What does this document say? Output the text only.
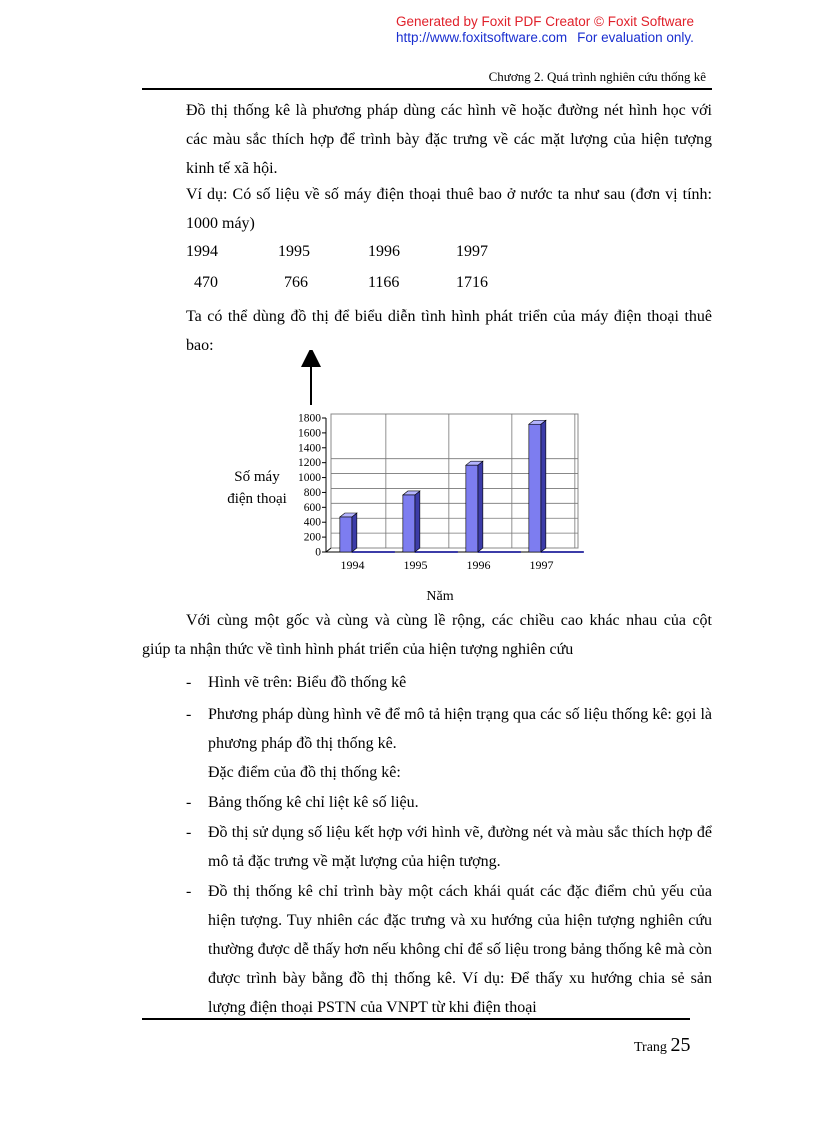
Generated by Foxit PDF Creator © Foxit Software
http://www.foxitsoftware.com For evaluation only.
Chương 2. Quá trình nghiên cứu thống kê
Đồ thị thống kê là phương pháp dùng các hình vẽ hoặc đường nét hình học với các màu sắc thích hợp để trình bày đặc trưng về các mặt lượng của hiện tượng kinh tế xã hội.
Ví dụ: Có số liệu về số máy điện thoại thuê bao ở nước ta như sau (đơn vị tính: 1000 máy)
1994	1995	1996	1997
470	766	1166	1716
Ta có thể dùng đồ thị để biểu diễn tình hình phát triển của máy điện thoại thuê bao:
0
200
400
600
800
1000
1200
1400
1600
1800
1994	1995	1996	1997
Số máy
điện thoại
Năm
Với cùng một gốc và cùng và cùng lề rộng, các chiều cao khác nhau của cột
giúp ta nhận thức về tình hình phát triển của hiện tượng nghiên cứu
- Hình vẽ trên: Biểu đồ thống kê
- Phương pháp dùng hình vẽ để mô tả hiện trạng qua các số liệu thống kê: gọi là phương pháp đồ thị thống kê.
Đặc điểm của đồ thị thống kê:
- Bảng thống kê chỉ liệt kê số liệu.
- Đồ thị sử dụng số liệu kết hợp với hình vẽ, đường nét và màu sắc thích hợp để mô tả đặc trưng về mặt lượng của hiện tượng.
- Đồ thị thống kê chỉ trình bày một cách khái quát các đặc điểm chủ yếu của hiện tượng. Tuy nhiên các đặc trưng và xu hướng của hiện tượng nghiên cứu thường được dễ thấy hơn nếu không chỉ để số liệu trong bảng thống kê mà còn được trình bày bằng đồ thị thống kê. Ví dụ: Để thấy xu hướng chia sẻ sản lượng điện thoại PSTN của VNPT từ khi điện thoại
Trang 25
